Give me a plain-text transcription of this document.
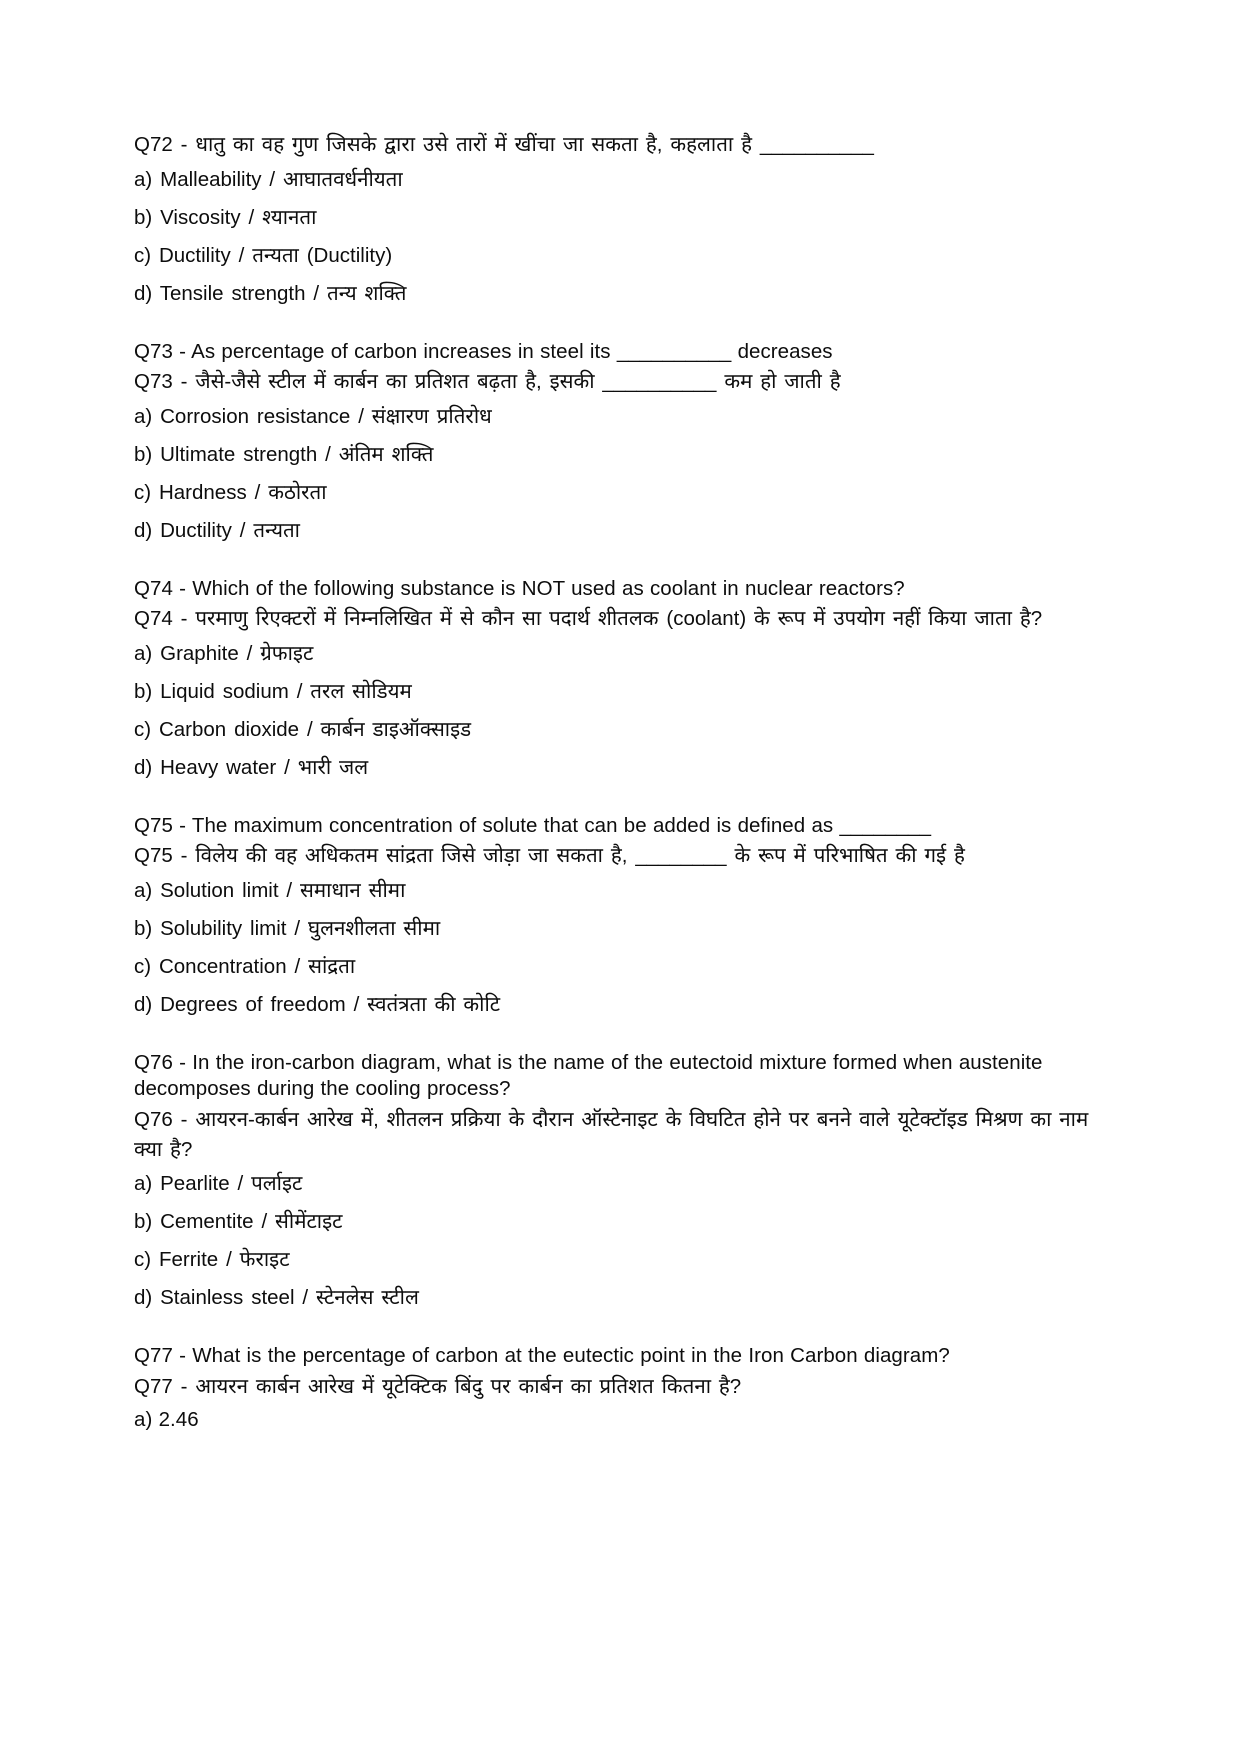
Q72 - धातु का वह गुण जिसके द्वारा उसे तारों में खींचा जा सकता है, कहलाता है __________

a) Malleability / आघातवर्धनीयता

b) Viscosity / श्यानता

c) Ductility / तन्यता (Ductility)

d) Tensile strength / तन्य शक्ति

Q73 - As percentage of carbon increases in steel its __________ decreases

Q73 - जैसे-जैसे स्टील में कार्बन का प्रतिशत बढ़ता है, इसकी __________ कम हो जाती है

a) Corrosion resistance / संक्षारण प्रतिरोध

b) Ultimate strength / अंतिम शक्ति

c) Hardness / कठोरता

d) Ductility / तन्यता

Q74 - Which of the following substance is NOT used as coolant in nuclear reactors?

Q74 - परमाणु रिएक्टरों में निम्नलिखित में से कौन सा पदार्थ शीतलक (coolant) के रूप में उपयोग नहीं किया जाता है?

a) Graphite / ग्रेफाइट

b) Liquid sodium / तरल सोडियम

c) Carbon dioxide / कार्बन डाइऑक्साइड

d) Heavy water / भारी जल

Q75 - The maximum concentration of solute that can be added is defined as ________

Q75 - विलेय की वह अधिकतम सांद्रता जिसे जोड़ा जा सकता है, ________ के रूप में परिभाषित की गई है

a) Solution limit / समाधान सीमा

b) Solubility limit / घुलनशीलता सीमा

c) Concentration / सांद्रता

d) Degrees of freedom / स्वतंत्रता की कोटि

Q76 - In the iron-carbon diagram, what is the name of the eutectoid mixture formed when austenite decomposes during the cooling process?

Q76 - आयरन-कार्बन आरेख में, शीतलन प्रक्रिया के दौरान ऑस्टेनाइट के विघटित होने पर बनने वाले यूटेक्टॉइड मिश्रण का नाम क्या है?

a) Pearlite / पर्लाइट

b) Cementite / सीमेंटाइट

c) Ferrite / फेराइट

d) Stainless steel / स्टेनलेस स्टील

Q77 - What is the percentage of carbon at the eutectic point in the Iron Carbon diagram?

Q77 - आयरन कार्बन आरेख में यूटेक्टिक बिंदु पर कार्बन का प्रतिशत कितना है?

a) 2.46
